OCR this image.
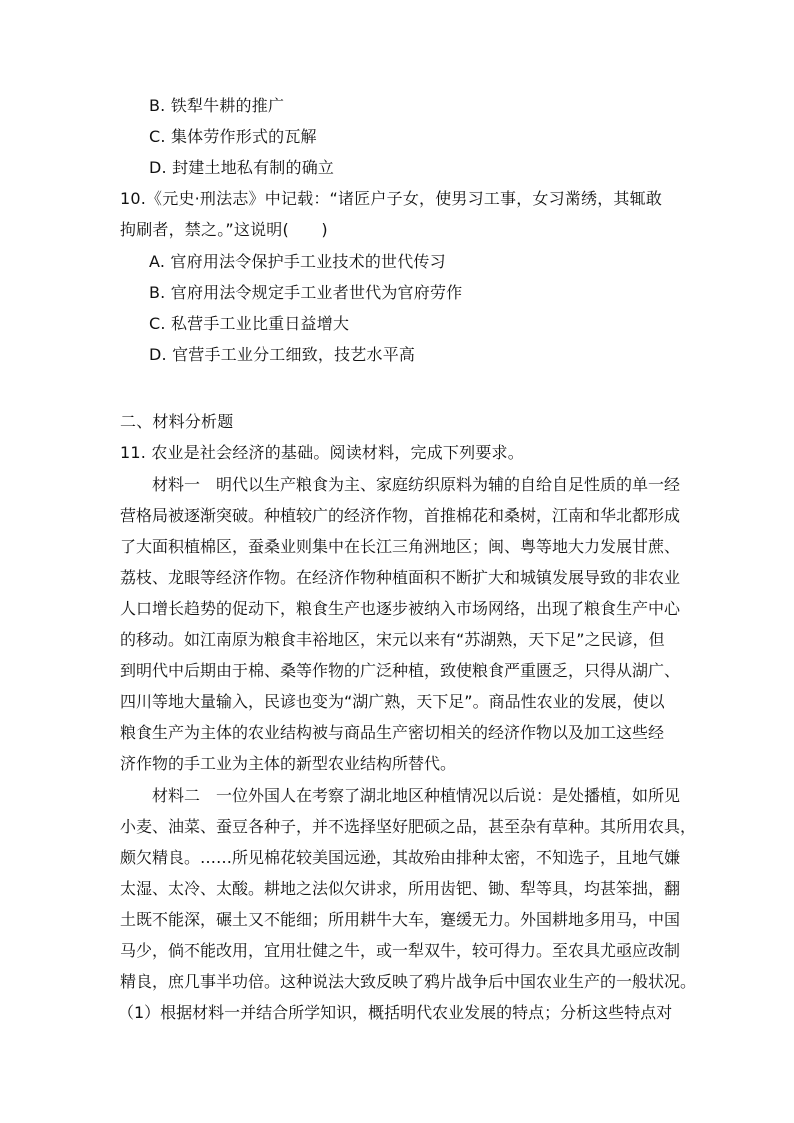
B. 铁犁牛耕的推广
C. 集体劳作形式的瓦解
D. 封建土地私有制的确立
10.《元史·刑法志》中记载：“诸匠户子女，使男习工事，女习黹绣，其辄敢
拘刷者，禁之。”这说明(　　)
A. 官府用法令保护手工业技术的世代传习
B. 官府用法令规定手工业者世代为官府劳作
C. 私营手工业比重日益增大
D. 官营手工业分工细致，技艺水平高
二、材料分析题
11. 农业是社会经济的基础。阅读材料，完成下列要求。
　　材料一　明代以生产粮食为主、家庭纺织原料为辅的自给自足性质的单一经
营格局被逐渐突破。种植较广的经济作物，首推棉花和桑树，江南和华北都形成
了大面积植棉区，蚕桑业则集中在长江三角洲地区；闽、粤等地大力发展甘蔗、
荔枝、龙眼等经济作物。在经济作物种植面积不断扩大和城镇发展导致的非农业
人口增长趋势的促动下，粮食生产也逐步被纳入市场网络，出现了粮食生产中心
的移动。如江南原为粮食丰裕地区，宋元以来有“苏湖熟，天下足”之民谚，但
到明代中后期由于棉、桑等作物的广泛种植，致使粮食严重匮乏，只得从湖广、
四川等地大量输入，民谚也变为“湖广熟，天下足”。商品性农业的发展，使以
粮食生产为主体的农业结构被与商品生产密切相关的经济作物以及加工这些经
济作物的手工业为主体的新型农业结构所替代。
　　材料二　一位外国人在考察了湖北地区种植情况以后说：是处播植，如所见
小麦、油菜、蚕豆各种子，并不选择坚好肥硕之品，甚至杂有草种。其所用农具，
颇欠精良。……所见棉花较美国远逊，其故殆由排种太密，不知选子，且地气嫌
太湿、太冷、太酸。耕地之法似欠讲求，所用齿钯、锄、犁等具，均甚笨拙，翻
土既不能深，碾土又不能细；所用耕牛大车，蹇缓无力。外国耕地多用马，中国
马少，倘不能改用，宜用壮健之牛，或一犁双牛，较可得力。至农具尤亟应改制
精良，庶几事半功倍。这种说法大致反映了鸦片战争后中国农业生产的一般状况。
（1）根据材料一并结合所学知识，概括明代农业发展的特点；分析这些特点对
